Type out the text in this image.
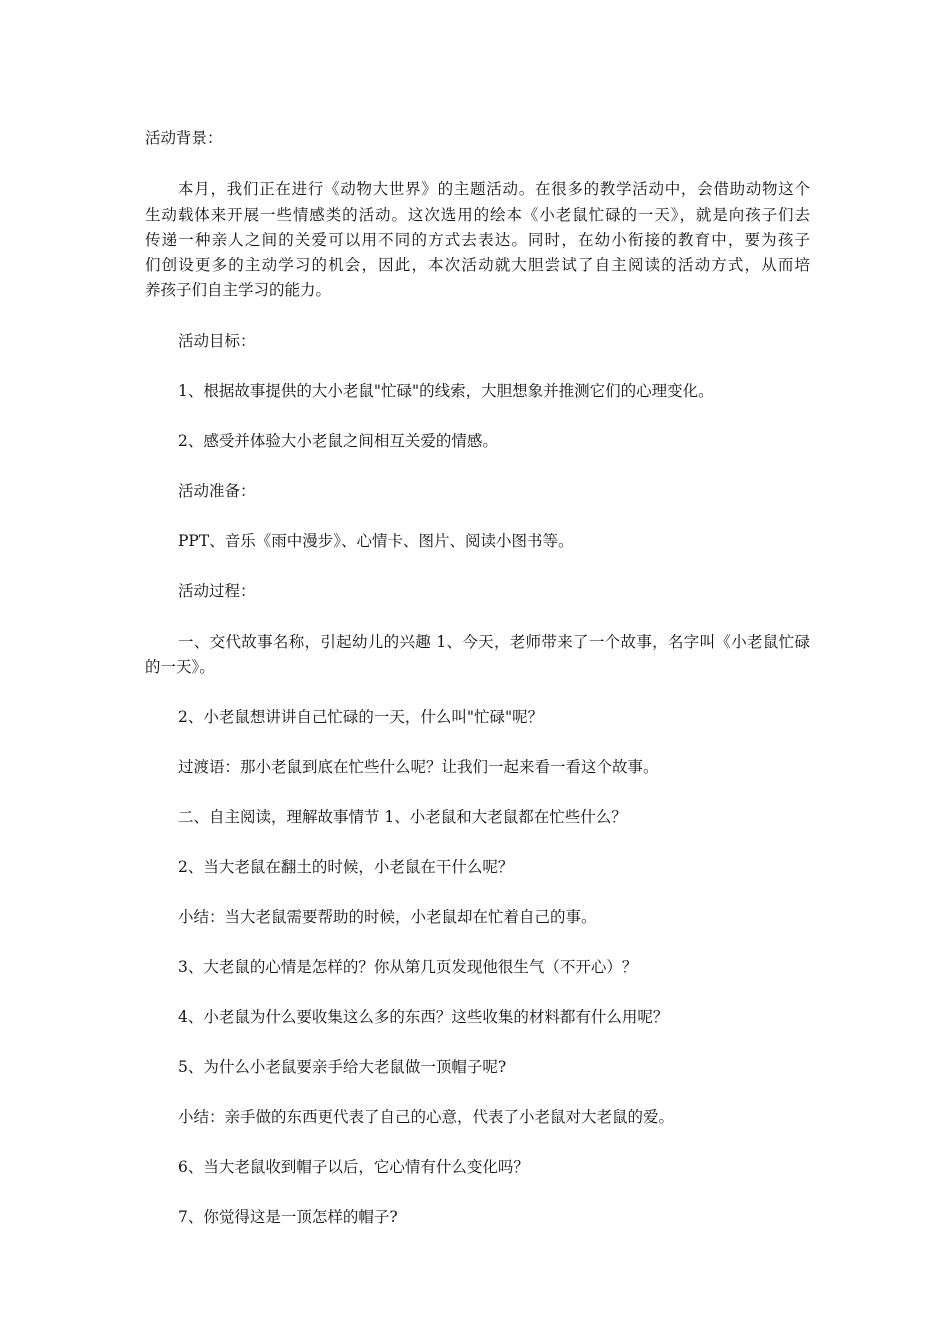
活动背景：
本月，我们正在进行《动物大世界》的主题活动。在很多的教学活动中，会借助动物这个
生动载体来开展一些情感类的活动。这次选用的绘本《小老鼠忙碌的一天》，就是向孩子们去
传递一种亲人之间的关爱可以用不同的方式去表达。同时，在幼小衔接的教育中，要为孩子
们创设更多的主动学习的机会，因此，本次活动就大胆尝试了自主阅读的活动方式，从而培
养孩子们自主学习的能力。
活动目标：
1、根据故事提供的大小老鼠"忙碌"的线索，大胆想象并推测它们的心理变化。
2、感受并体验大小老鼠之间相互关爱的情感。
活动准备：
PPT、音乐《雨中漫步》、心情卡、图片、阅读小图书等。
活动过程：
一、交代故事名称，引起幼儿的兴趣 1、今天，老师带来了一个故事，名字叫《小老鼠忙碌
的一天》。
2、小老鼠想讲讲自己忙碌的一天，什么叫"忙碌"呢？
过渡语：那小老鼠到底在忙些什么呢？让我们一起来看一看这个故事。
二、自主阅读，理解故事情节 1、小老鼠和大老鼠都在忙些什么？
2、当大老鼠在翻土的时候，小老鼠在干什么呢？
小结：当大老鼠需要帮助的时候，小老鼠却在忙着自己的事。
3、大老鼠的心情是怎样的？你从第几页发现他很生气（不开心）？
4、小老鼠为什么要收集这么多的东西？这些收集的材料都有什么用呢？
5、为什么小老鼠要亲手给大老鼠做一顶帽子呢?
小结：亲手做的东西更代表了自己的心意，代表了小老鼠对大老鼠的爱。
6、当大老鼠收到帽子以后，它心情有什么变化吗？
7、你觉得这是一顶怎样的帽子?
